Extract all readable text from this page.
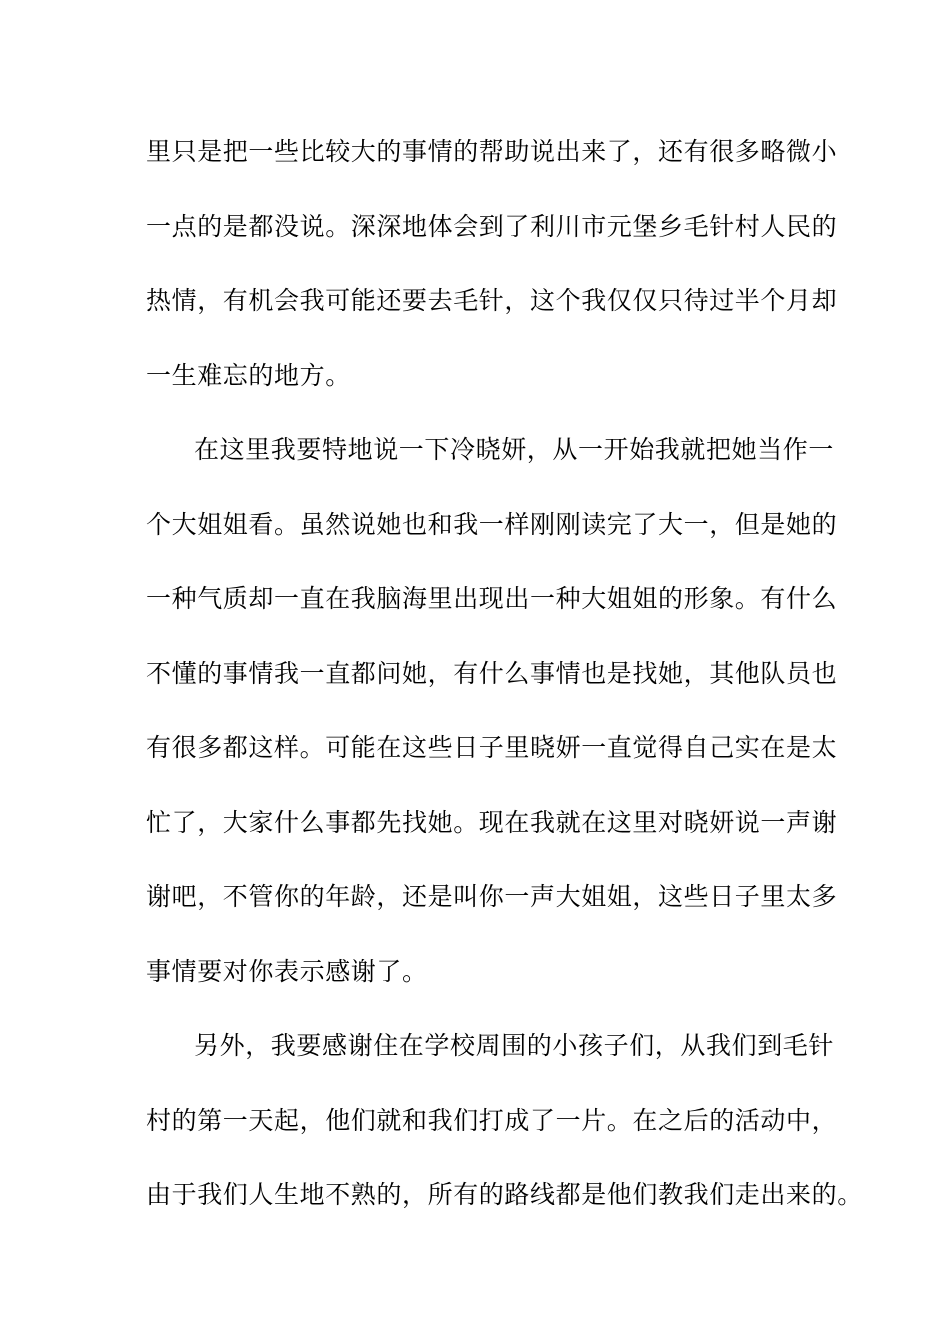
里只是把一些比较大的事情的帮助说出来了，还有很多略微小
一点的是都没说。深深地体会到了利川市元堡乡毛针村人民的
热情，有机会我可能还要去毛针，这个我仅仅只待过半个月却
一生难忘的地方。
在这里我要特地说一下冷晓妍，从一开始我就把她当作一
个大姐姐看。虽然说她也和我一样刚刚读完了大一，但是她的
一种气质却一直在我脑海里出现出一种大姐姐的形象。有什么
不懂的事情我一直都问她，有什么事情也是找她，其他队员也
有很多都这样。可能在这些日子里晓妍一直觉得自己实在是太
忙了，大家什么事都先找她。现在我就在这里对晓妍说一声谢
谢吧，不管你的年龄，还是叫你一声大姐姐，这些日子里太多
事情要对你表示感谢了。
另外，我要感谢住在学校周围的小孩子们，从我们到毛针
村的第一天起，他们就和我们打成了一片。在之后的活动中，
由于我们人生地不熟的，所有的路线都是他们教我们走出来的。
